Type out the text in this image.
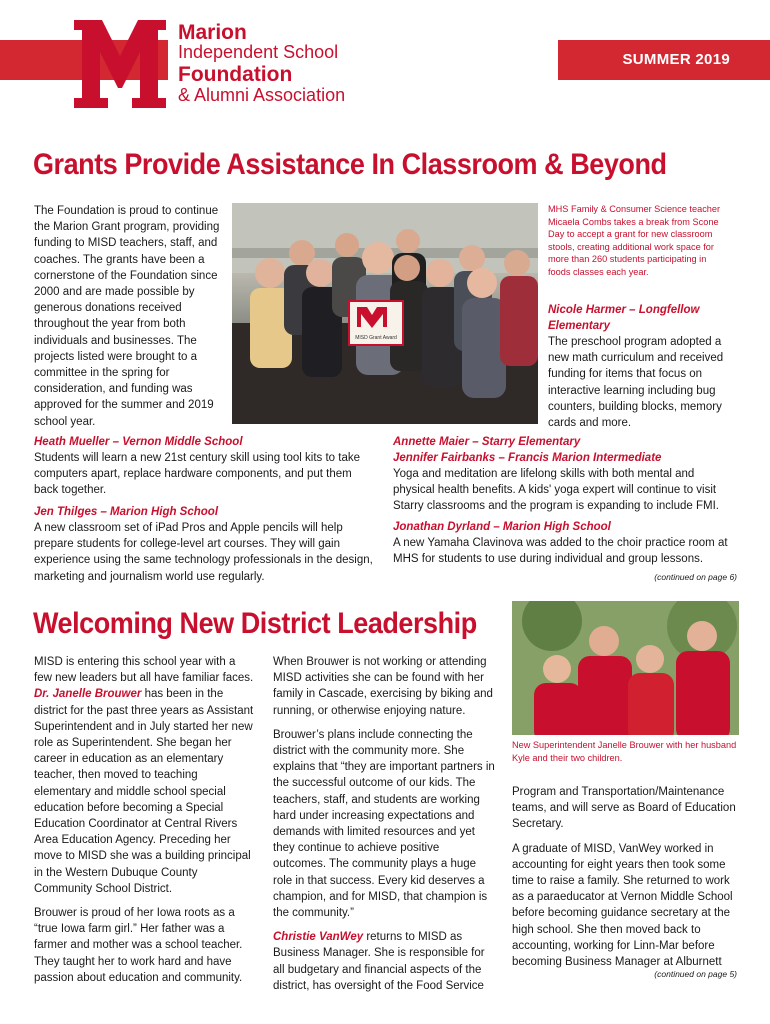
Marion
Independent School
Foundation
& Alumni Association
SUMMER 2019
Grants Provide Assistance In Classroom & Beyond
The Foundation is proud to continue the Marion Grant program, providing funding to MISD teachers, staff, and coaches. The grants have been a cornerstone of the Foundation since 2000 and are made possible by generous donations received throughout the year from both individuals and businesses. The projects listed were brought to a committee in the spring for consideration, and funding was approved for the summer and 2019 school year.
MISD Grant Award
MHS Family & Consumer Science teacher Micaela Combs takes a break from Scone Day to accept a grant for new classroom stools, creating additional work space for more than 260 students participating in foods classes each year.
Nicole Harmer – Longfellow Elementary
The preschool program adopted a new math curriculum and received funding for items that focus on interactive learning including bug counters, building blocks, memory cards and more.
Heath Mueller – Vernon Middle School
Students will learn a new 21st century skill using tool kits to take computers apart, replace hardware components, and put them back together.
Jen Thilges – Marion High School
A new classroom set of iPad Pros and Apple pencils will help prepare students for college-level art courses. They will gain experience using the same technology professionals in the design, marketing and journalism world use regularly.
Annette Maier – Starry Elementary
Jennifer Fairbanks – Francis Marion Intermediate
Yoga and meditation are lifelong skills with both mental and physical health benefits. A kids' yoga expert will continue to visit Starry classrooms and the program is expanding to include FMI.
Jonathan Dyrland – Marion High School
A new Yamaha Clavinova was added to the choir practice room at MHS for students to use during individual and group lessons.
(continued on page 6)
Welcoming New District Leadership

MISD is entering this school year with a few new leaders but all have familiar faces. Dr. Janelle Brouwer has been in the district for the past three years as Assistant Superintendent and in July started her new role as Superintendent. She began her career in education as an elementary teacher, then moved to teaching elementary and middle school special education before becoming a Special Education Coordinator at Central Rivers Area Education Agency. Preceding her move to MISD she was a building principal in the Western Dubuque County Community School District.

Brouwer is proud of her Iowa roots as a “true Iowa farm girl.” Her father was a farmer and mother was a school teacher. They taught her to work hard and have passion about education and community.

When Brouwer is not working or attending MISD activities she can be found with her family in Cascade, exercising by biking and running, or otherwise enjoying nature.

Brouwer’s plans include connecting the district with the community more. She explains that “they are important partners in the successful outcome of our kids. The teachers, staff, and students are working hard under increasing expectations and demands with limited resources and yet they continue to achieve positive outcomes. The community plays a huge role in that success. Every kid deserves a champion, and for MISD, that champion is the community.”

Christie VanWey returns to MISD as Business Manager. She is responsible for all budgetary and financial aspects of the district, has oversight of the Food Service

New Superintendent Janelle Brouwer with her husband Kyle and their two children.

Program and Transportation/Maintenance teams, and will serve as Board of Education Secretary.

A graduate of MISD, VanWey worked in accounting for eight years then took some time to raise a family. She returned to work as a paraeducator at Vernon Middle School before becoming guidance secretary at the high school. She then moved back to accounting, working for Linn-Mar before becoming Business Manager at Alburnett

(continued on page 5)
